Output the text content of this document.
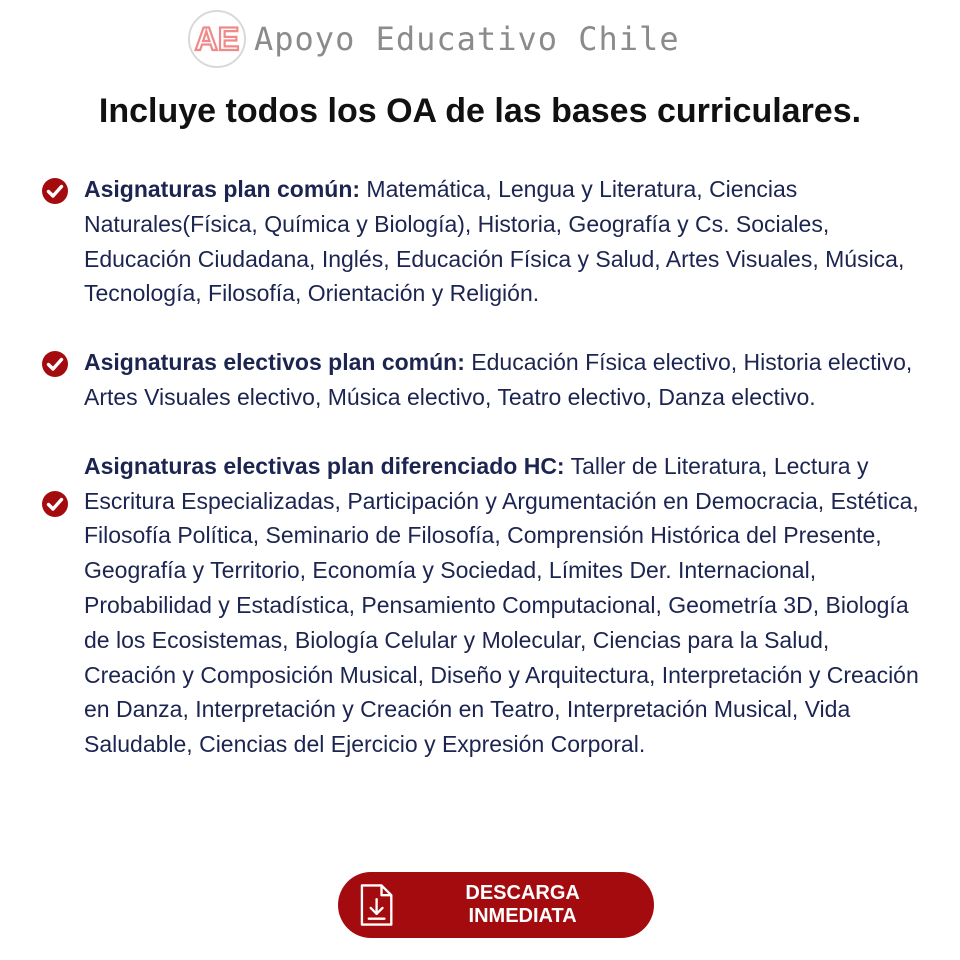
AE Apoyo Educativo Chile
Incluye todos los OA de las bases curriculares.
Asignaturas plan común: Matemática, Lengua y Literatura, Ciencias Naturales(Física, Química y Biología), Historia, Geografía y Cs. Sociales, Educación Ciudadana, Inglés, Educación Física y Salud, Artes Visuales, Música, Tecnología, Filosofía, Orientación y Religión.
Asignaturas electivos plan común: Educación Física electivo, Historia electivo, Artes Visuales electivo, Música electivo, Teatro electivo, Danza electivo.
Asignaturas electivas plan diferenciado HC: Taller de Literatura, Lectura y Escritura Especializadas, Participación y Argumentación en Democracia, Estética, Filosofía Política, Seminario de Filosofía, Comprensión Histórica del Presente, Geografía y Territorio, Economía y Sociedad, Límites Der. Internacional, Probabilidad y Estadística, Pensamiento Computacional, Geometría 3D, Biología de los Ecosistemas, Biología Celular y Molecular, Ciencias para la Salud, Creación y Composición Musical, Diseño y Arquitectura, Interpretación y Creación en Danza, Interpretación y Creación en Teatro, Interpretación Musical, Vida Saludable, Ciencias del Ejercicio y Expresión Corporal.
DESCARGA INMEDIATA
